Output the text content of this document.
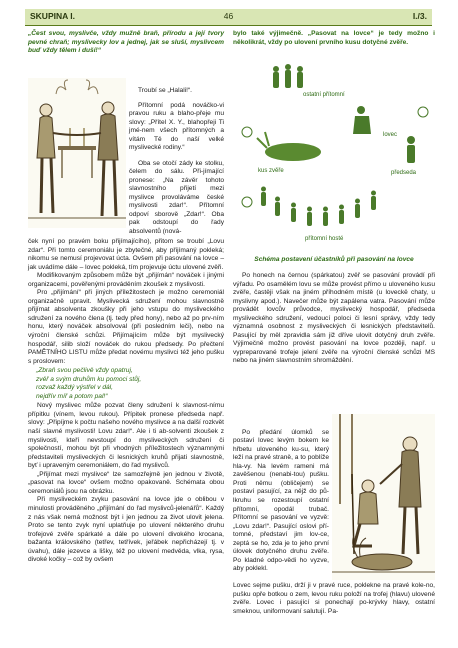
SKUPINA I.	46	I./3.

„Čest svou, myslivče, vždy mužně braň, přírodu a její tvory pevné chraň; myslivecky lov a jednej, jak se sluší, myslivcem buď vždy tělem i duší!“

Troubí se „Halali!“.

Přítomní podá nováčko-vi pravou ruku a blaho-přeje mu slovy: „Přítel X. Y., blahopřeji Ti jmé-nem všech přítomných a vítám Tě do naší velké myslivecké rodiny.“

Oba se otočí zády ke stolku, čelem do sálu. Při-jímající pronese: „Na závěr tohoto slavnostního přijetí mezi myslivce provoláváme české myslivosti zdar!“. Přítomní odpoví sborově „Zdar!“. Oba pak odstoupí do řady absolventů (nová-

ček nyní po pravém boku přijímajícího), přitom se troubí „Lovu zdar“. Při tomto ceremoniálu je zbytečné, aby přijímaný pokleká; nikomu se nemusí projevovat úcta. Ovšem při pasování na lovce – jak uvádíme dále – lovec pokleká, tím projevuje úctu ulovené zvěři.

Modifikovaným způsobem může být „přijímán“ nováček i jinými organizacemi, pověřenými prováděním zkoušek z myslivosti.

Pro „přijímání“ při jiných příležitostech je možno ceremoniál organizačně upravit. Myslivecká sdružení mohou slavnostně přijímat absolventa zkoušky při jeho vstupu do mysliveckého sdružení za nového člena (tj. tedy před hony), nebo až po prv-ním honu, který nováček absolvoval (při posledním leči), nebo na výroční členské schůzi. Přijímajícím může být myslivecký hospodář, silib složí nováček do rukou předsedy. Po přečtení PAMĚTNÍHO LISTU může předat novému myslivci též jeho pušku s proslovem:

„Zbraň svou pečlivě vždy opatruj,

zvěř a svým druhům ku pomoci stůj,

rozvaž každý výstřel v dál,

nejdřív míř a potom pal!“

Nový myslivec může pozvat členy sdružení k slavnost-nímu přípitku (vínem, levou rukou). Přípitek pronese předseda např. slovy: „Připíjme k počtu našeho nového myslivce a na další rozkvět naší slavné myslivosti! Lovu zdar!“. Ale i ti ab-solventi zkoušek z myslivosti, kteří nevstoupí do mysliveckých sdružení či společností, mohou být při vhodných příležitostech významnými představiteli mysliveckých či lesnických kruhů přijati slavnostně, byť i upraveným ceremoniálem, do řad myslivců.

„Přijímat mezi myslivce“ lze samozřejmě jen jednou v životě, „pasovat na lovce“ ovšem možno opakovaně. Schémata obou ceremoniálů jsou na obrázku.

Při mysliveckém zvyku pasování na lovce jde o oblibou v minulosti prováděného „přijímání do řad myslivců-jelenářů“. Každý z nás však nemá možnost být i jen jednou za život ulovit jelena. Proto se tento zvyk nyní uplatňuje po ulovení některého druhu trofejové zvěře spárkaté a dále po ulovení divokého krocana, bažanta královského (tetřev, tetřívek, jeřábek nepřicházejí tj. v úvahu), dále jezevce a lišky, též po ulovení medvěda, vlka, rysa, divoké kočky – což by ovšem

bylo také výjimečně. „Pasovat na lovce“ je tedy možno i několikrát, vždy po ulovení prvního kusu dotyčné zvěře.

ostatní přítomní
lovec
předseda
kus zvěře
přítomní hosté
Schéma postavení účastníků při pasování na lovce

Po honech na černou (spárkatou) zvěř se pasování provádí při výřadu. Po osamělém lovu se může provést přímo u uloveného kusu zvěře, častěji však na jiném příhodném místě (u loveckě chaty, u myslivny apod.). Navečer může být zapálena vatra. Pasování může provádět lovcův průvodce, myslivecký hospodář, předseda mysliveckého sdružení, vedoucí poloci či lesní správy, vždy tedy významná osobnost z mysliveckých či lesnických představitelů. Pasující by měl zpravidla sám již dříve ulovit dotyčný druh zvěře. Výjimečně možno provést pasování na lovce později, např. u vypreparované trofeje jelení zvěře na výroční členské schůzi MS nebo na jiném slavnostním shromáždění.

Po předání úlomků se postaví lovec levým bokem ke hřbetu uloveného ku-su, který leží na pravé straně, a to poblíže hla-vy. Na levém rameni má zavěšenou (nenabi-tou) pušku. Proti němu (obličejem) se postaví pasující, za nějž do pů-lkruhu se rozestoupí ostatní přítomní, opodál trubač. Přítomní se pasování ve vyzvě: „Lovu zdar!“. Pasující oslovi pří-tomné, představí jim lov-ce, zeptá se ho, zda je to jeho první úlovek dotyčného druhu zvěře. Po kladné odpo-vědi ho vyzve, aby poklekl.

Lovec sejme pušku, drží ji v pravé ruce, pokleknе na pravé kole-no, pušku opře botkou o zem, levou ruku položí na trofej (hlavu) ulovené zvěře. Lovec i pasující si ponechají po-krývky hlavy, ostatní smeknou, uniformovaní salutují. Pa-
